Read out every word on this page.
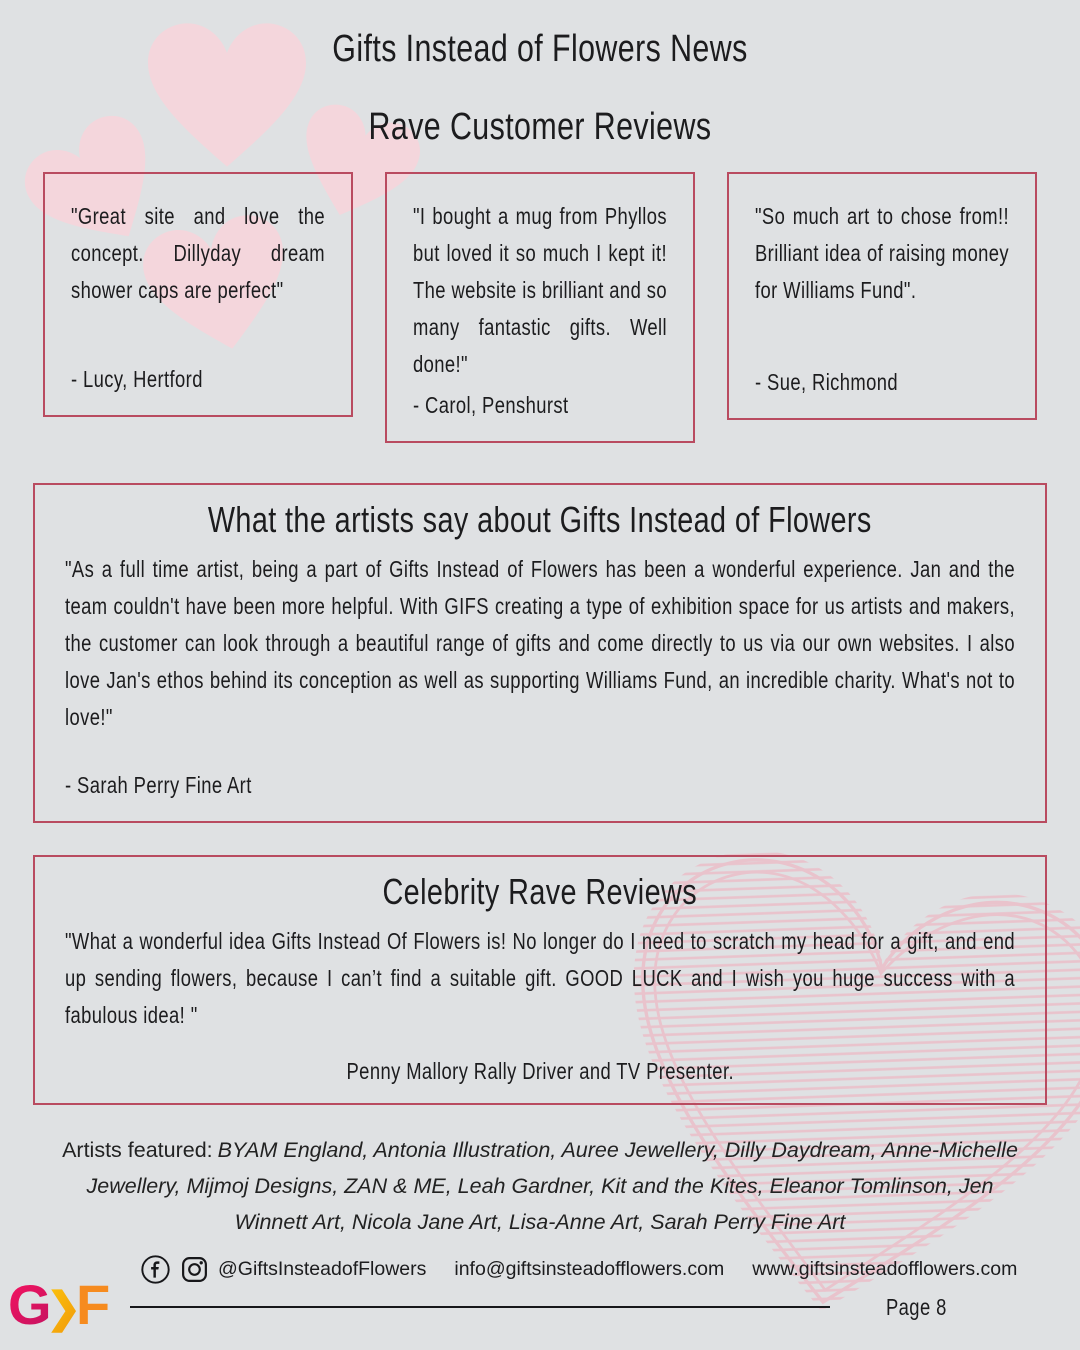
Gifts Instead of Flowers News
Rave Customer Reviews
"Great site and love the concept. Dillyday dream shower caps are perfect"
- Lucy, Hertford
"I bought a mug from Phyllos but loved it so much I kept it! The website is brilliant and so many fantastic gifts. Well done!"
- Carol, Penshurst
"So much art to chose from!! Brilliant idea of raising money for Williams Fund".
- Sue, Richmond
What the artists say about Gifts Instead of Flowers
"As a full time artist, being a part of Gifts Instead of Flowers has been a wonderful experience. Jan and the team couldn't have been more helpful. With GIFS creating a type of exhibition space for us artists and makers, the customer can look through a beautiful range of gifts and come directly to us via our own websites. I also love Jan's ethos behind its conception as well as supporting Williams Fund, an incredible charity. What's not to love!"
- Sarah Perry Fine Art
Celebrity Rave Reviews
"What a wonderful idea Gifts Instead Of Flowers is! No longer do I need to scratch my head for a gift, and end up sending flowers, because I can’t find a suitable gift. GOOD LUCK and I wish you huge success with a fabulous idea! "
Penny Mallory Rally Driver and TV Presenter.
Artists featured: BYAM England, Antonia Illustration, Auree Jewellery, Dilly Daydream, Anne-Michelle Jewellery, Mijmoj Designs, ZAN & ME, Leah Gardner, Kit and the Kites, Eleanor Tomlinson, Jen Winnett Art, Nicola Jane Art, Lisa-Anne Art, Sarah Perry Fine Art
@GiftsInsteadofFlowers info@giftsinsteadofflowers.com www.giftsinsteadofflowers.com
G
❯
F	Page 8
